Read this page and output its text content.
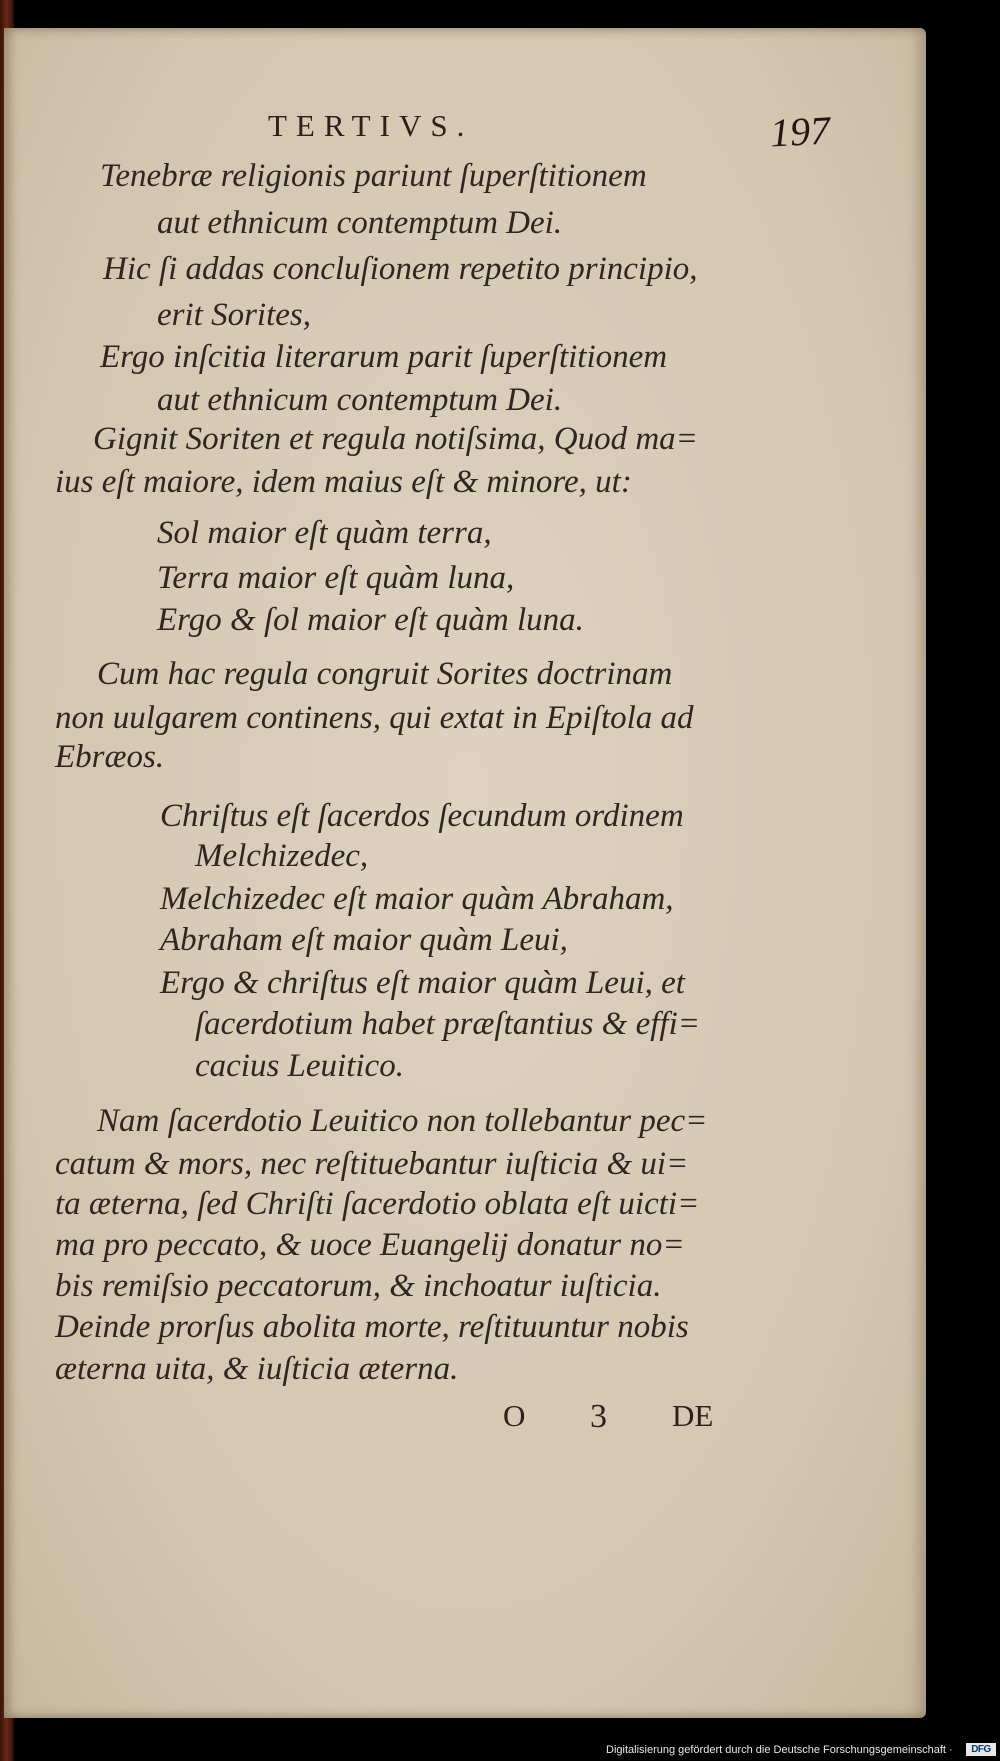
TERTIVS.	197
Tenebræ religionis pariunt ſuperſtitionem
aut ethnicum contemptum Dei.
Hic ſi addas concluſionem repetito principio,
erit Sorites,
Ergo inſcitia literarum parit ſuperſtitionem
aut ethnicum contemptum Dei.
Gignit Soriten et regula notiſsima, Quod ma=
ius eſt maiore, idem maius eſt & minore, ut:
Sol maior eſt quàm terra,
Terra maior eſt quàm luna,
Ergo & ſol maior eſt quàm luna.
Cum hac regula congruit Sorites doctrinam
non uulgarem continens, qui extat in Epiſtola ad
Ebræos.
Chriſtus eſt ſacerdos ſecundum ordinem
Melchizedec,
Melchizedec eſt maior quàm Abraham,
Abraham eſt maior quàm Leui,
Ergo & chriſtus eſt maior quàm Leui, et
ſacerdotium habet præſtantius & effi=
cacius Leuitico.
Nam ſacerdotio Leuitico non tollebantur pec=
catum & mors, nec reſtituebantur iuſticia & ui=
ta æterna, ſed Chriſti ſacerdotio oblata eſt uicti=
ma pro peccato, & uoce Euangelij donatur no=
bis remiſsio peccatorum, & inchoatur iuſticia.
Deinde prorſus abolita morte, reſtituuntur nobis
æterna uita, & iuſticia æterna.
O 3 DE
Digitalisierung gefördert durch die Deutsche Forschungsgemeinschaft ·	DFG
